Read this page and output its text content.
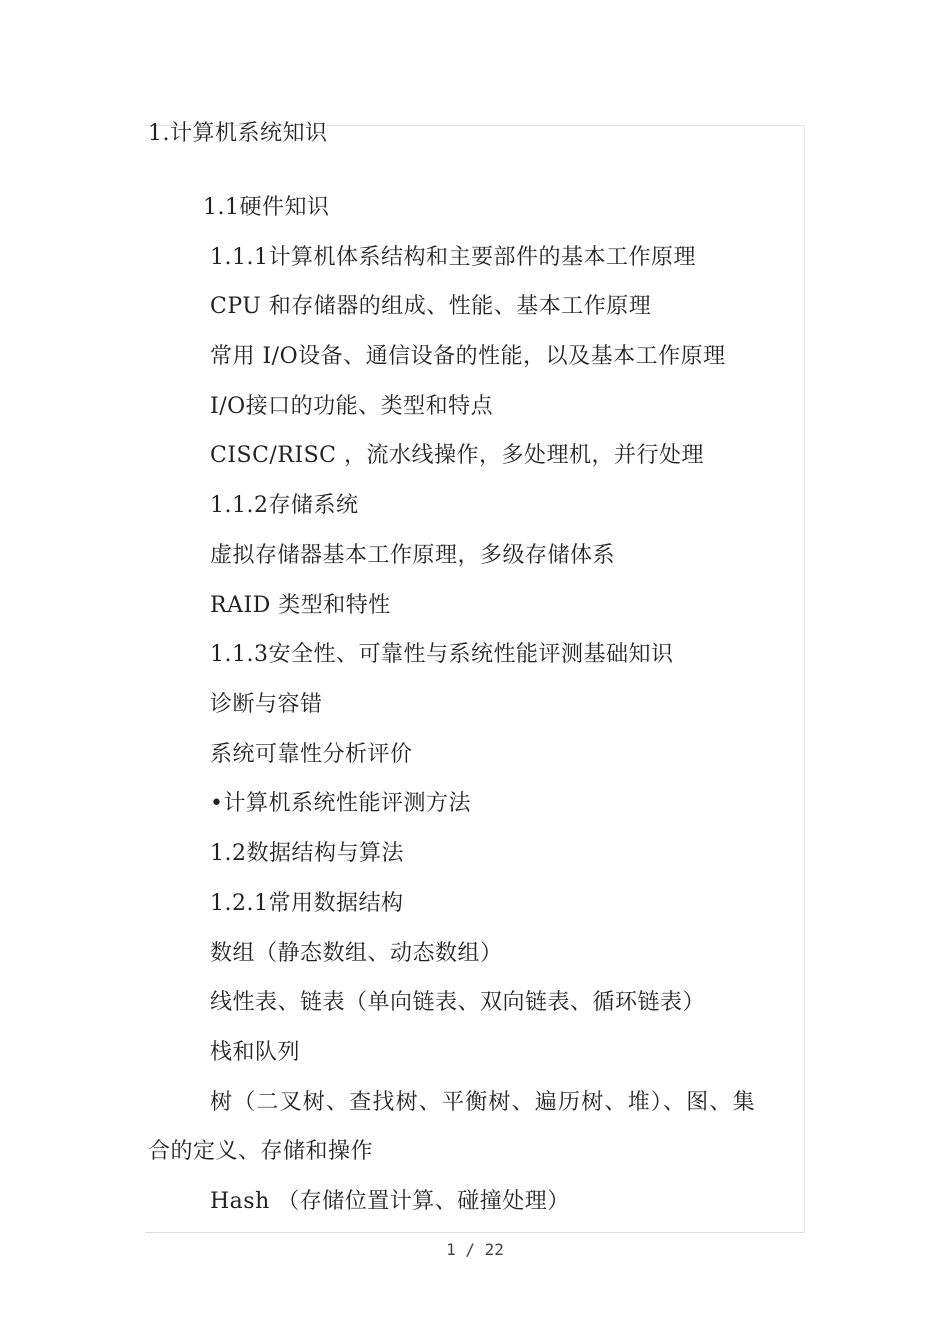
1.计算机系统知识
1.1硬件知识
1.1.1计算机体系结构和主要部件的基本工作原理
CPU 和存储器的组成、性能、基本工作原理
常用 I/O设备、通信设备的性能，以及基本工作原理
I/O接口的功能、类型和特点
CISC/RISC ，流水线操作，多处理机，并行处理
1.1.2存储系统
虚拟存储器基本工作原理，多级存储体系
RAID 类型和特性
1.1.3安全性、可靠性与系统性能评测基础知识
诊断与容错
系统可靠性分析评价
•计算机系统性能评测方法
1.2数据结构与算法
1.2.1常用数据结构
数组（静态数组、动态数组）
线性表、链表（单向链表、双向链表、循环链表）
栈和队列
树（二叉树、查找树、平衡树、遍历树、堆）、图、集
合的定义、存储和操作
Hash （存储位置计算、碰撞处理）
1 / 22
